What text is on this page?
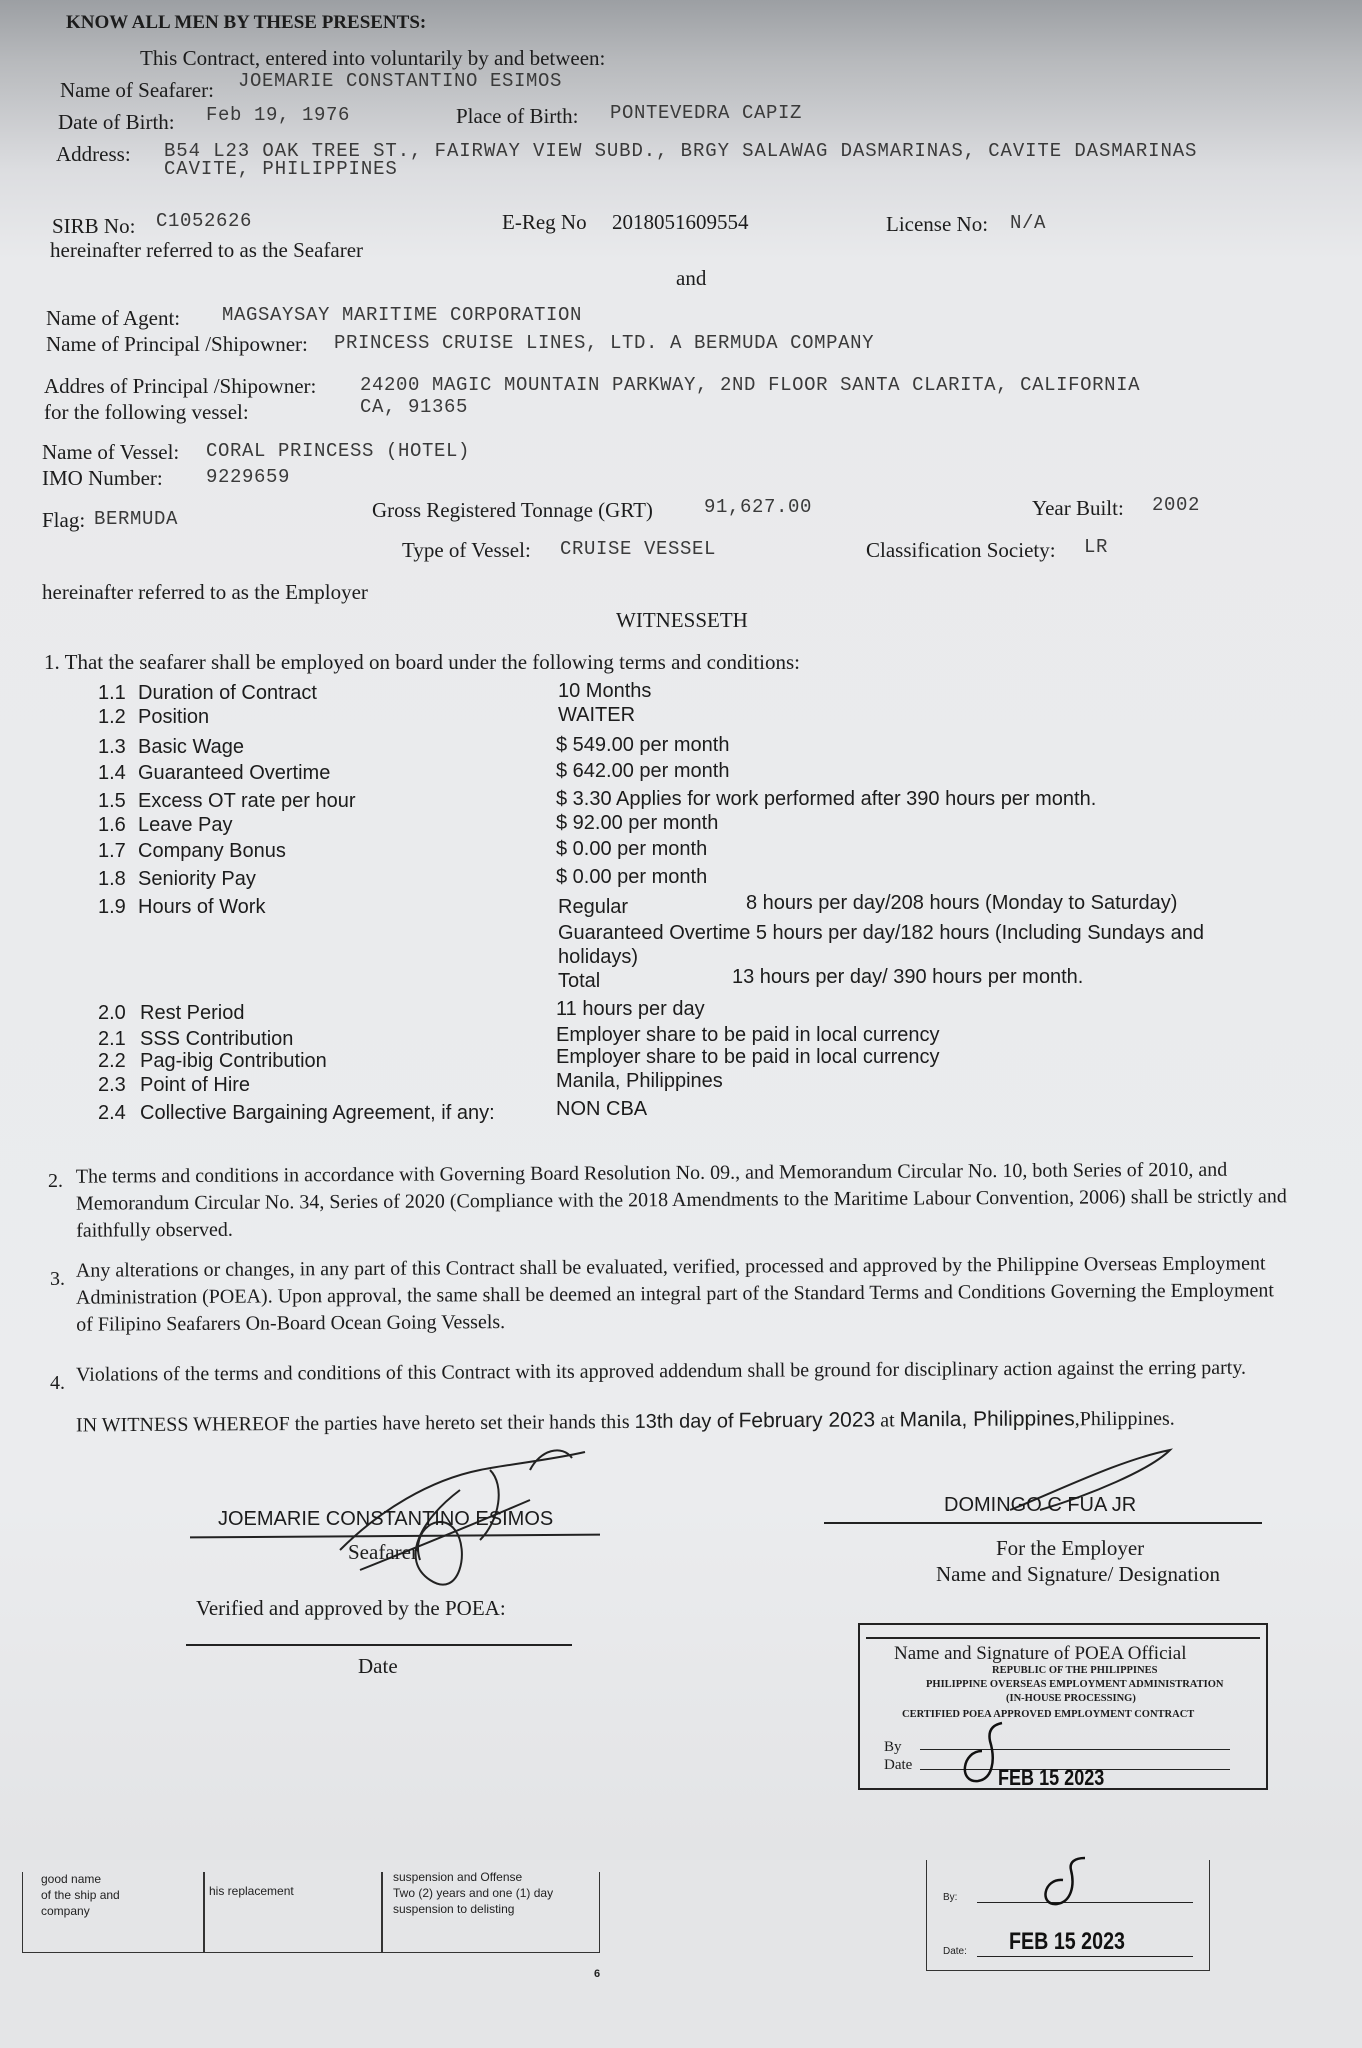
KNOW ALL MEN BY THESE PRESENTS:
This Contract, entered into voluntarily by and between:
Name of Seafarer: JOEMARIE CONSTANTINO ESIMOS
Date of Birth: Feb 19, 1976	Place of Birth: PONTEVEDRA CAPIZ
Address: B54 L23 OAK TREE ST., FAIRWAY VIEW SUBD., BRGY SALAWAG DASMARINAS, CAVITE DASMARINAS
CAVITE, PHILIPPINES
SIRB No: C1052626	E-Reg No 2018051609554	License No: N/A
hereinafter referred to as the Seafarer
and
Name of Agent: MAGSAYSAY MARITIME CORPORATION
Name of Principal /Shipowner: PRINCESS CRUISE LINES, LTD. A BERMUDA COMPANY
Addres of Principal /Shipowner:
for the following vessel:
24200 MAGIC MOUNTAIN PARKWAY, 2ND FLOOR SANTA CLARITA, CALIFORNIA
CA, 91365
Name of Vessel: CORAL PRINCESS (HOTEL)
IMO Number: 9229659
Flag: BERMUDA	Gross Registered Tonnage (GRT)	91,627.00	Year Built: 2002
Type of Vessel: CRUISE VESSEL	Classification Society: LR
hereinafter referred to as the Employer
WITNESSETH
1. That the seafarer shall be employed on board under the following terms and conditions:
1.1 Duration of Contract	10 Months
1.2 Position	WAITER
1.3 Basic Wage	$ 549.00 per month
1.4 Guaranteed Overtime	$ 642.00 per month
1.5 Excess OT rate per hour	$ 3.30 Applies for work performed after 390 hours per month.
1.6 Leave Pay	$ 92.00 per month
1.7 Company Bonus	$ 0.00 per month
1.8 Seniority Pay	$ 0.00 per month
1.9 Hours of Work	Regular	8 hours per day/208 hours (Monday to Saturday)
Guaranteed Overtime 5 hours per day/182 hours (Including Sundays and
holidays)
Total	13 hours per day/ 390 hours per month.
2.0 Rest Period	11 hours per day
2.1 SSS Contribution	Employer share to be paid in local currency
2.2 Pag-ibig Contribution	Employer share to be paid in local currency
2.3 Point of Hire	Manila, Philippines
2.4 Collective Bargaining Agreement, if any:	NON CBA
2. The terms and conditions in accordance with Governing Board Resolution No. 09., and Memorandum Circular No. 10, both Series of 2010, and Memorandum Circular No. 34, Series of 2020 (Compliance with the 2018 Amendments to the Maritime Labour Convention, 2006) shall be strictly and faithfully observed.
3. Any alterations or changes, in any part of this Contract shall be evaluated, verified, processed and approved by the Philippine Overseas Employment Administration (POEA). Upon approval, the same shall be deemed an integral part of the Standard Terms and Conditions Governing the Employment of Filipino Seafarers On-Board Ocean Going Vessels.
4. Violations of the terms and conditions of this Contract with its approved addendum shall be ground for disciplinary action against the erring party.
IN WITNESS WHEREOF the parties have hereto set their hands this 13th day of February 2023 at Manila, Philippines,Philippines.
JOEMARIE CONSTANTINO ESIMOS
Seafarer
Verified and approved by the POEA:
Date
DOMINGO C FUA JR
For the Employer
Name and Signature/ Designation
Name and Signature of POEA Official
REPUBLIC OF THE PHILIPPINES
PHILIPPINE OVERSEAS EMPLOYMENT ADMINISTRATION
(IN-HOUSE PROCESSING)
CERTIFIED POEA APPROVED EMPLOYMENT CONTRACT
By
Date	FEB 15 2023
good name
of the ship and
company
his replacement
suspension and Offense
Two (2) years and one (1) day
suspension to delisting
By:
Date: FEB 15 2023
6
